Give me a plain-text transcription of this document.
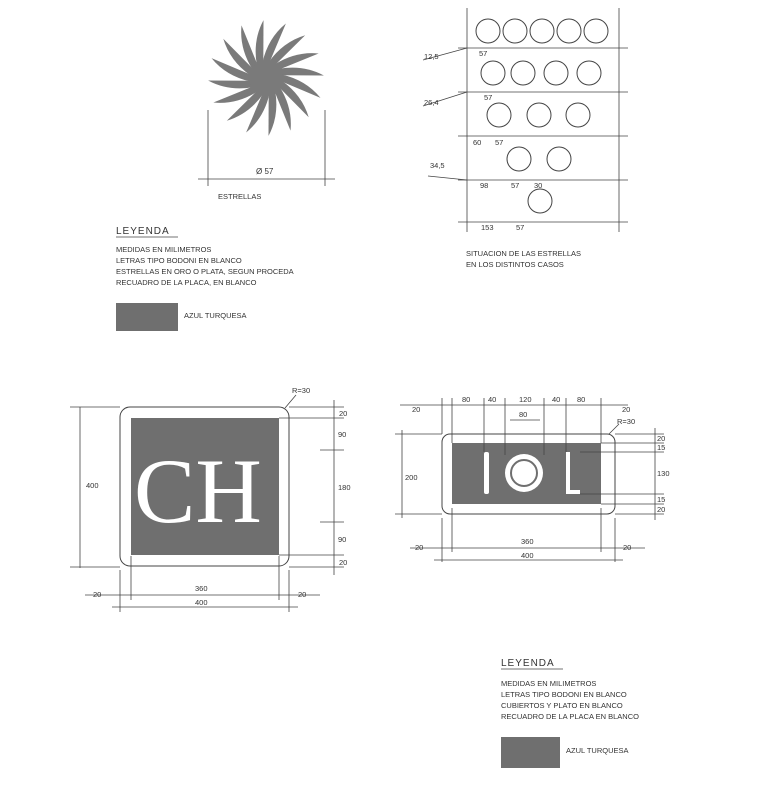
Ø 57
ESTRELLAS
12,5	57
26,4
57
60 57
34,5
98	57 30
153	57
SITUACION DE LAS ESTRELLAS
EN LOS DISTINTOS CASOS
LEYENDA
MEDIDAS EN MILIMETROS
LETRAS TIPO BODONI EN BLANCO
ESTRELLAS EN ORO O PLATA, SEGUN PROCEDA
RECUADRO DE LA PLACA, EN BLANCO
AZUL TURQUESA
CH
R=30
400
20
90
180
90
20
360
400
20	20
R=30
20
80 40	120	40 80
20
80
200
20
15
130
15
20
360
400
20	20
LEYENDA
MEDIDAS EN MILIMETROS
LETRAS TIPO BODONI EN BLANCO
CUBIERTOS Y PLATO EN BLANCO
RECUADRO DE LA PLACA EN BLANCO
AZUL TURQUESA
